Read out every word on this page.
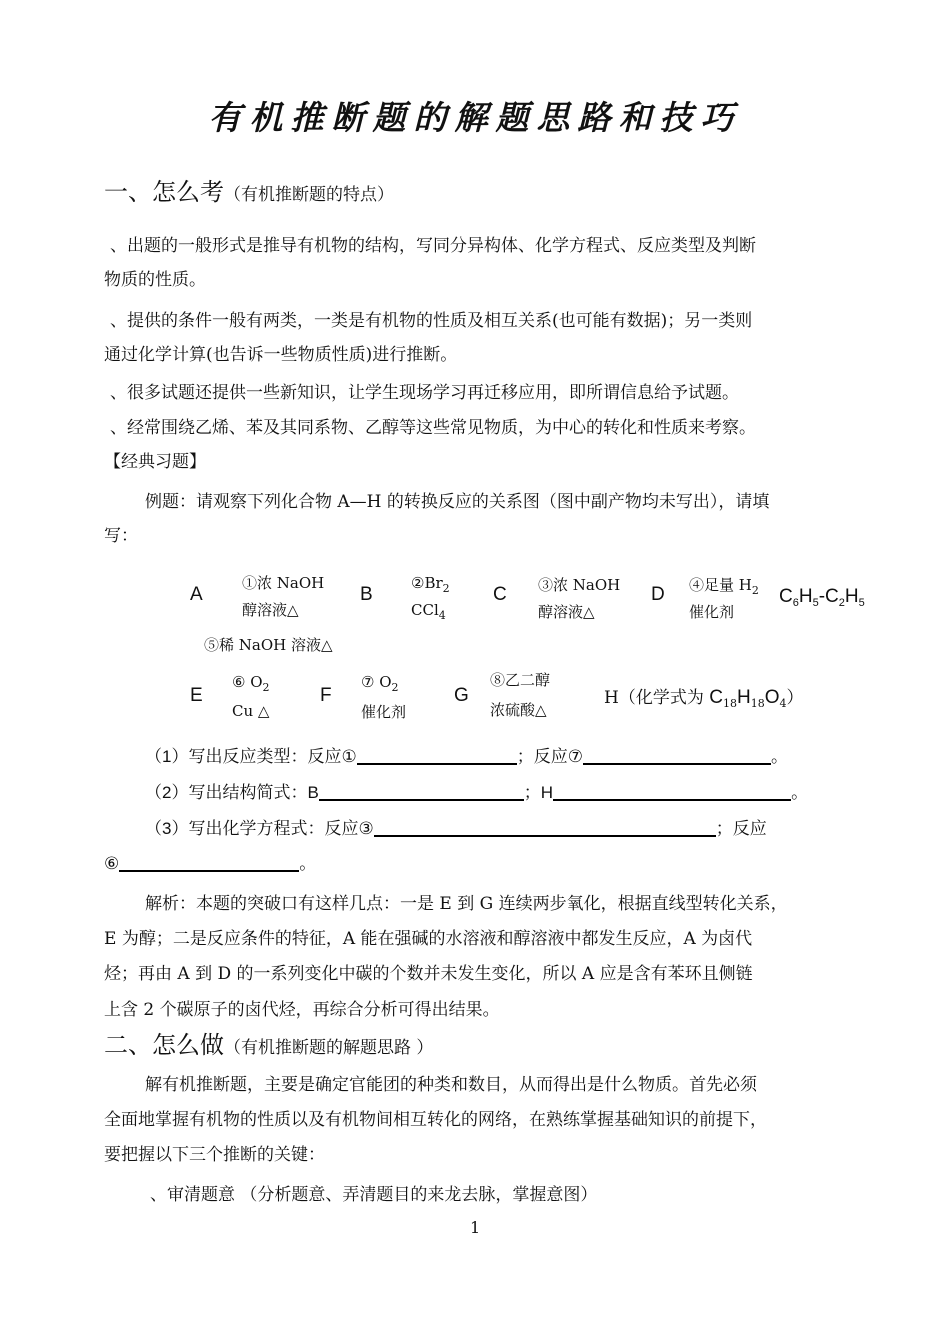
有机推断题的解题思路和技巧
一、怎么考（有机推断题的特点）
、出题的一般形式是推导有机物的结构，写同分异构体、化学方程式、反应类型及判断
物质的性质。
、提供的条件一般有两类，一类是有机物的性质及相互关系(也可能有数据)；另一类则
通过化学计算(也告诉一些物质性质)进行推断。
、很多试题还提供一些新知识，让学生现场学习再迁移应用，即所谓信息给予试题。
、经常围绕乙烯、苯及其同系物、乙醇等这些常见物质，为中心的转化和性质来考察。
【经典习题】
例题：请观察下列化合物 A—H 的转换反应的关系图（图中副产物均未写出），请填
写：
A
①浓 NaOH
醇溶液△
B
$②Br_2$
CCl$_4$
C ③浓 NaOH
醇溶液△
D ④足量 $H_2$
催化剂
$C_6H_5-C_2H_5$
⑤稀 NaOH 溶液△
E
⑥ $O_2$
Cu △
F
⑦ $O_2$
催化剂
G
⑧乙二醇
浓硫酸△
H（化学式为 $C_{18}H_{18}O_4$）
（1）写出反应类型：反应①	；反应⑦	。
（2）写出结构简式：B	；H	。
（3）写出化学方程式：反应③	；反应
⑥	。
解析：本题的突破口有这样几点：一是 E 到 G 连续两步氧化，根据直线型转化关系，
E 为醇；二是反应条件的特征，A 能在强碱的水溶液和醇溶液中都发生反应，A 为卤代
烃；再由 A 到 D 的一系列变化中碳的个数并未发生变化，所以 A 应是含有苯环且侧链
上含 2 个碳原子的卤代烃，再综合分析可得出结果。
二、怎么做（有机推断题的解题思路 ）
解有机推断题，主要是确定官能团的种类和数目，从而得出是什么物质。首先必须
全面地掌握有机物的性质以及有机物间相互转化的网络，在熟练掌握基础知识的前提下，
要把握以下三个推断的关键：
、审清题意 （分析题意、弄清题目的来龙去脉，掌握意图）
1
